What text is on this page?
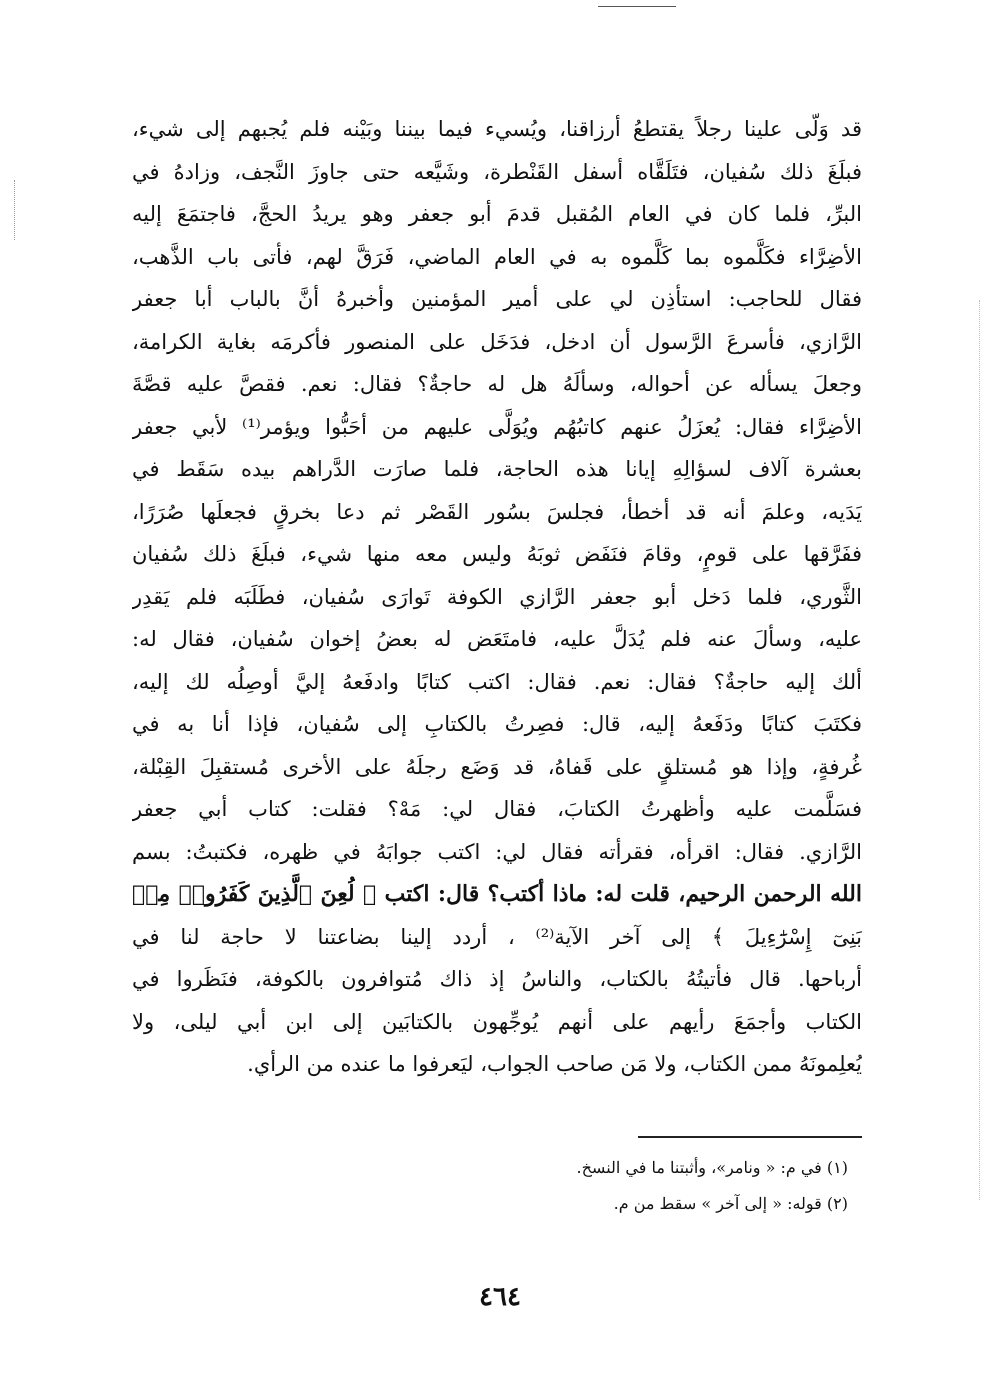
قد وَلّى علينا رجلاً يقتطعُ أرزاقنا، ويُسيء فيما بيننا وبَيْنه فلم يُجبهم إلى شيء،
فبلَغَ ذلك سُفيان، فتَلَقَّاه أسفل القَنْطرة، وشَيَّعه حتى جاوزَ النَّجف، وزادهُ في
البرِّ، فلما كان في العام المُقبل قدمَ أبو جعفر وهو يريدُ الحجَّ، فاجتمَعَ إليه
الأضِرَّاء فكَلَّموه بما كَلَّموه به في العام الماضي، فَرَقَّ لهم، فأتى باب الذَّهب،
فقال للحاجب: استأذِن لي على أمير المؤمنين وأخبرهُ أنَّ بالباب أبا جعفر
الرَّازي، فأسرعَ الرَّسول أن ادخل، فدَخَل على المنصور فأكرمَه بغاية الكرامة،
وجعلَ يسأله عن أحواله، وسألَهُ هل له حاجةٌ؟ فقال: نعم. فقصَّ عليه قصَّةَ
الأضِرَّاء فقال: يُعزَلُ عنهم كاتبُهُم ويُوَلَّى عليهم من أحَبُّوا ويؤمر⁽¹⁾ لأبي جعفر
بعشرة آلاف لسؤالِهِ إيانا هذه الحاجة، فلما صارَت الدَّراهم بيده سَقَط في
يَدَيه، وعلمَ أنه قد أخطأ، فجلسَ بسُور القَصْر ثم دعا بخرقٍ فجعلَها صُرَرًا،
ففَرَّقها على قومٍ، وقامَ فنَفَض ثوبَهُ وليس معه منها شيء، فبلَغَ ذلك سُفيان
الثَّوري، فلما دَخل أبو جعفر الرَّازي الكوفة تَوارَى سُفيان، فطَلَبَه فلم يَقدِر
عليه، وسألَ عنه فلم يُدَلَّ عليه، فامتَعَض له بعضُ إخوان سُفيان، فقال له:
ألك إليه حاجةٌ؟ فقال: نعم. فقال: اكتب كتابًا وادفَعهُ إليَّ أوصِلُه لك إليه،
فكتَبَ كتابًا ودَفَعهُ إليه، قال: فصِرتُ بالكتابِ إلى سُفيان، فإذا أنا به في
غُرفةٍ، وإذا هو مُستلقٍ على قَفاهُ، قد وَضَع رجلَهُ على الأخرى مُستقبِلَ القِبْلة،
فسَلَّمت عليه وأظهرتُ الكتابَ، فقال لي: مَهْ؟ فقلت: كتاب أبي جعفر
الرَّازي. فقال: اقرأه، فقرأته فقال لي: اكتب جوابَهُ في ظهره، فكتبتُ: بسم
الله الرحمن الرحيم، قلت له: ماذا أكتب؟ قال: اكتب ﴿ لُعِنَ ٱلَّذِينَ كَفَرُوا۟ مِنۢ
بَنِىٓ إِسْرَٰٓءِيلَ ﴾ إلى آخر الآية⁽²⁾ ، أردد إلينا بضاعتنا لا حاجة لنا في
أرباحها. قال فأتيتُهُ بالكتاب، والناسُ إذ ذاك مُتوافرون بالكوفة، فنَظَروا في
الكتاب وأجمَعَ رأيهم على أنهم يُوجِّهون بالكتابَين إلى ابن أبي ليلى، ولا
يُعلِمونَهُ ممن الكتاب، ولا مَن صاحب الجواب، ليَعرفوا ما عنده من الرأي.
(١) في م: « ونامر»، وأثبتنا ما في النسخ.
(٢) قوله: « إلى آخر » سقط من م.
٤٦٤
